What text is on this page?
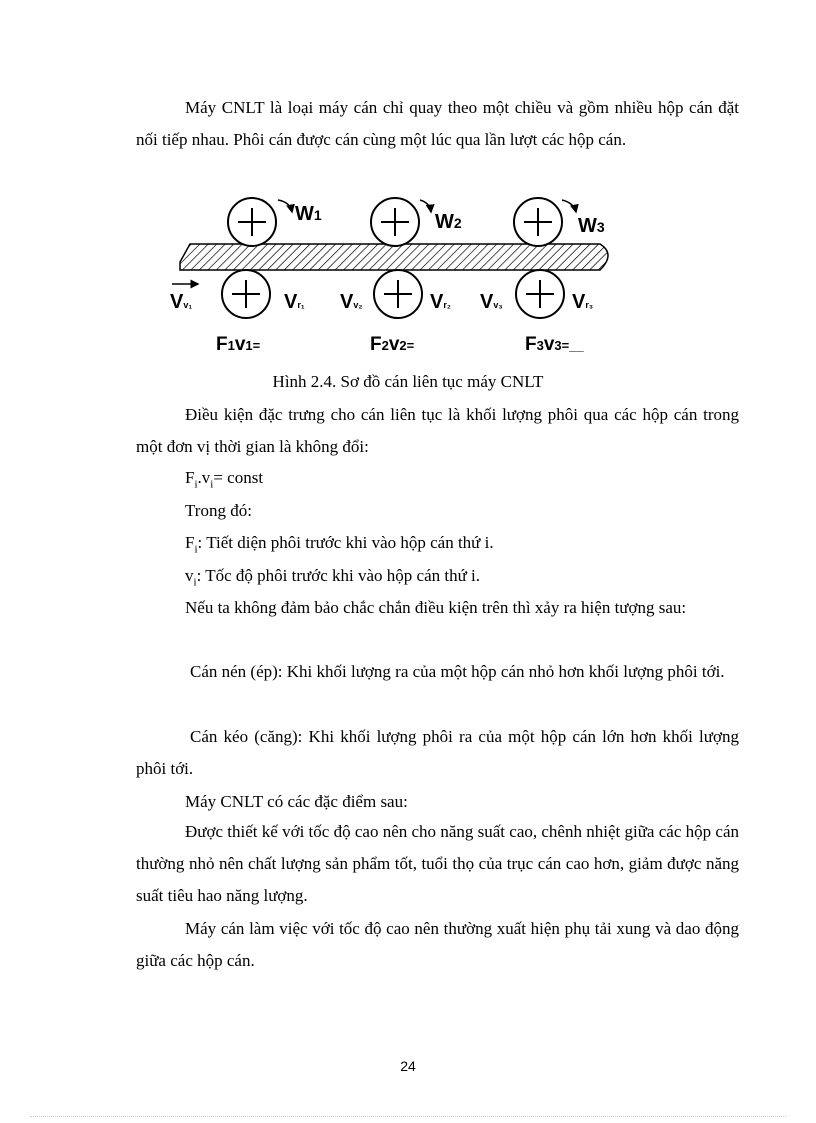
Máy CNLT là loại máy cán chỉ quay theo một chiều và gồm nhiều hộp cán đặt nối tiếp nhau. Phôi cán được cán cùng một lúc qua lần lượt các hộp cán.
W1	W2	W3
Vv₁	Vv₂	Vv₃
Vr₁	Vr₂	Vr₃
F1v1=	F2v2=	F3v3=__
Hình 2.4. Sơ đồ cán liên tục máy CNLT
Điều kiện đặc trưng cho cán liên tục là khối lượng phôi qua các hộp cán trong một đơn vị thời gian là không đổi:
$F_i.v_i=$ const
Trong đó:
$F_i$: Tiết diện phôi trước khi vào hộp cán thứ i.
$v_i$: Tốc độ phôi trước khi vào hộp cán thứ i.
Nếu ta không đảm bảo chắc chắn điều kiện trên thì xảy ra hiện tượng sau:
Cán nén (ép): Khi khối lượng ra của một hộp cán nhỏ hơn khối lượng phôi tới.
Cán kéo (căng): Khi khối lượng phôi ra của một hộp cán lớn hơn khối lượng phôi tới.
Máy CNLT có các đặc điểm sau:
Được thiết kế với tốc độ cao nên cho năng suất cao, chênh nhiệt giữa các hộp cán thường nhỏ nên chất lượng sản phẩm tốt, tuổi thọ của trục cán cao hơn, giảm được năng suất tiêu hao năng lượng.
Máy cán làm việc với tốc độ cao nên thường xuất hiện phụ tải xung và dao động giữa các hộp cán.
24
